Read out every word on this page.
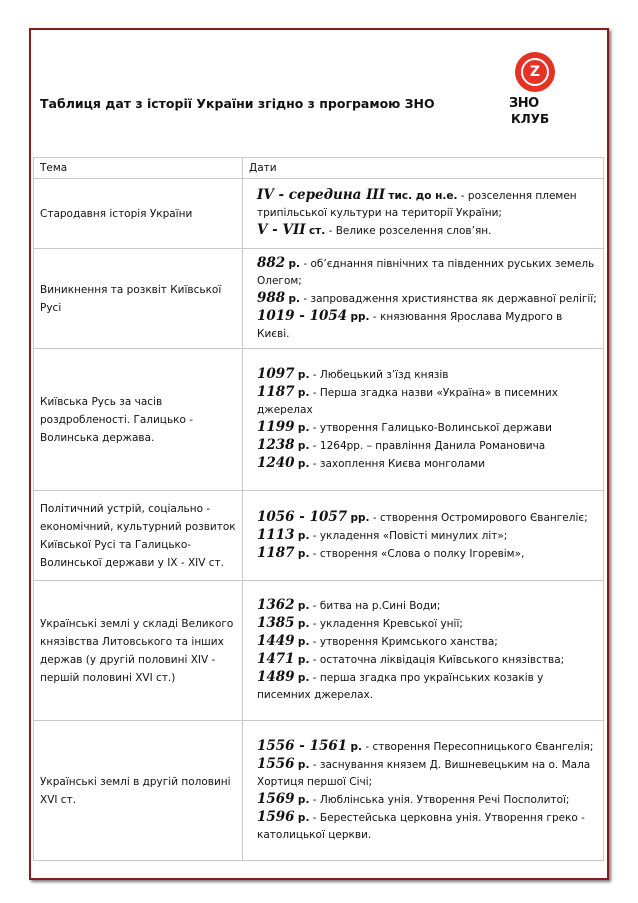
Таблиця дат з історії України згідно з програмою ЗНО
Z
ЗНО
КЛУБ
Тема	Дати
Стародавня історія України	IV - середина III тис. до н.е. - розселення племен трипільської культури на території України;
V - VII ст. - Велике розселення слов’ян.

Виникнення та розквіт Київської Русі	882 р. - об’єднання північних та південних руських земель Олегом;
988 р. - запровадження християнства як державної релігії;
1019 - 1054 рр. - князювання Ярослава Мудрого в Києві.

Київська Русь за часів роздробленості. Галицько - Волинська держава.	1097 р. - Любецький з’їзд князів
1187 р. - Перша згадка назви «Україна» в писемних джерелах
1199 р. - утворення Галицько-Волинської держави
1238 р. - 1264рр. – правління Данила Романовича
1240 р. - захоплення Києва монголами

Політичний устрій, соціально - економічний, культурний розвиток Київської Русі та Галицько-Волинської держави у IX - XIV ст.	1056 - 1057 рр. - створення Остромирового Євангеліє;
1113 р. - укладення «Повісті минулих літ»;
1187 р. - створення «Слова о полку Ігоревім»,

Українські землі у складі Великого князівства Литовського та інших держав (у другій половині XIV - першій половині XVI ст.)	1362 р. - битва на р.Сині Води;
1385 р. - укладення Кревської унії;
1449 р. - утворення Кримського ханства;
1471 р. - остаточна ліквідація Київського князівства;
1489 р. - перша згадка про українських козаків у писемних джерелах.

Українські землі в другій половині XVI ст.	1556 - 1561 р. - створення Пересопницького Євангелія;
1556 р. - заснування князем Д. Вишневецьким на о. Мала Хортиця першої Січі;
1569 р. - Люблінська унія. Утворення Речі Посполитої;
1596 р. - Берестейська церковна унія. Утворення греко - католицької церкви.
